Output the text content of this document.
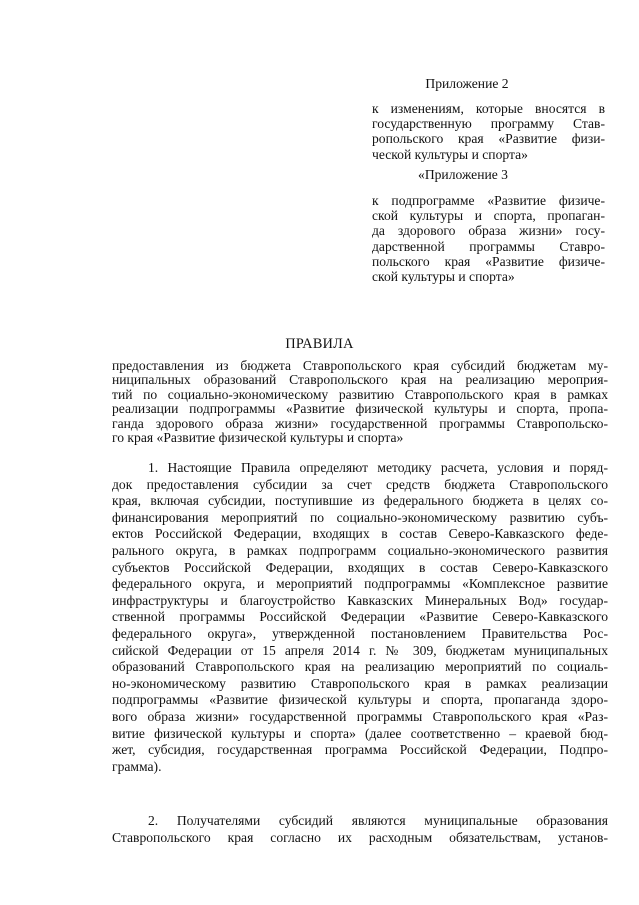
Приложение 2
к изменениям, которые вносятся в
государственную программу Став-
ропольского края «Развитие физи-
ческой культуры и спорта»
«Приложение 3
к подпрограмме «Развитие физиче-
ской культуры и спорта, пропаган-
да здорового образа жизни» госу-
дарственной программы Ставро-
польского края «Развитие физиче-
ской культуры и спорта»
ПРАВИЛА
предоставления из бюджета Ставропольского края субсидий бюджетам му-
ниципальных образований Ставропольского края на реализацию мероприя-
тий по социально-экономическому развитию Ставропольского края в рамках
реализации подпрограммы «Развитие физической культуры и спорта, пропа-
ганда здорового образа жизни» государственной программы Ставропольско-
го края «Развитие физической культуры и спорта»
1. Настоящие Правила определяют методику расчета, условия и поряд-
док предоставления субсидии за счет средств бюджета Ставропольского
края, включая субсидии, поступившие из федерального бюджета в целях со-
финансирования мероприятий по социально-экономическому развитию субъ-
ектов Российской Федерации, входящих в состав Северо-Кавказского феде-
рального округа, в рамках подпрограмм социально-экономического развития
субъектов Российской Федерации, входящих в состав Северо-Кавказского
федерального округа, и мероприятий подпрограммы «Комплексное развитие
инфраструктуры и благоустройство Кавказских Минеральных Вод» государ-
ственной программы Российской Федерации «Развитие Северо-Кавказского
федерального округа», утвержденной постановлением Правительства Рос-
сийской Федерации от 15 апреля 2014 г. № 309, бюджетам муниципальных
образований Ставропольского края на реализацию мероприятий по социаль-
но-экономическому развитию Ставропольского края в рамках реализации
подпрограммы «Развитие физической культуры и спорта, пропаганда здоро-
вого образа жизни» государственной программы Ставропольского края «Раз-
витие физической культуры и спорта» (далее соответственно – краевой бюд-
жет, субсидия, государственная программа Российской Федерации, Подпро-
грамма).
2. Получателями субсидий являются муниципальные образования
Ставропольского края согласно их расходным обязательствам, установ-
